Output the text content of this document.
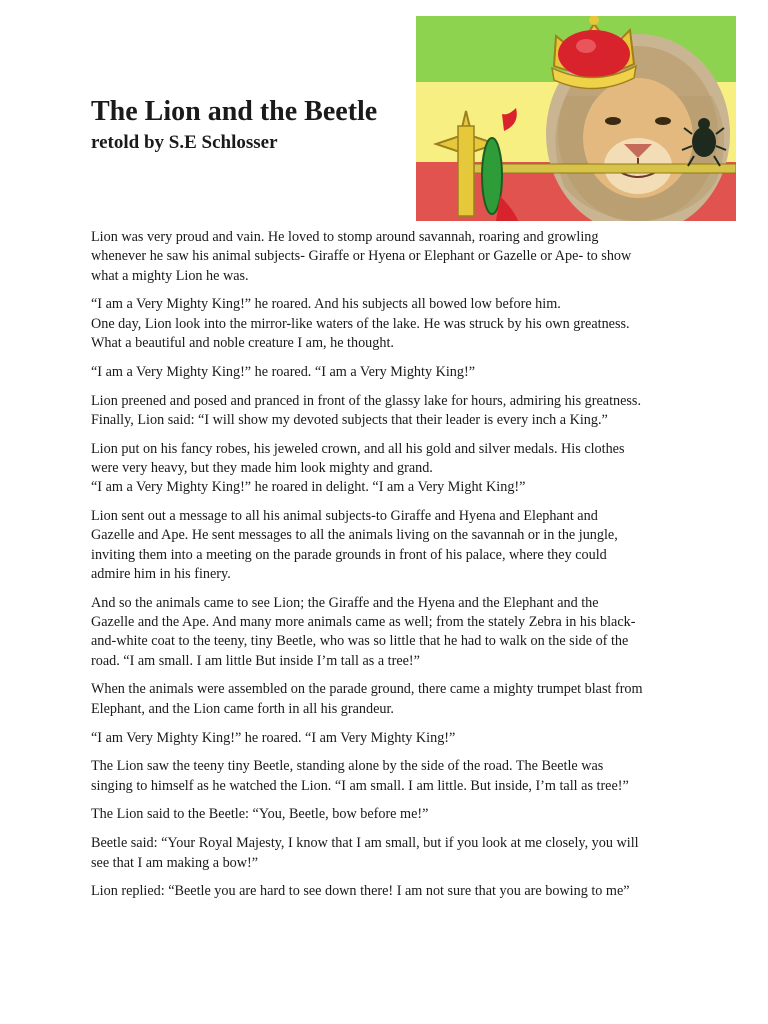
The Lion and the Beetle
retold by S.E Schlosser

Lion was very proud and vain. He loved to stomp around savannah, roaring and growling
whenever he saw his animal subjects- Giraffe or Hyena or Elephant or Gazelle or Ape- to show
what a mighty Lion he was.

“I am a Very Mighty King!” he roared. And his subjects all bowed low before him.
One day, Lion look into the mirror-like waters of the lake. He was struck by his own greatness.
What a beautiful and noble creature I am, he thought.

“I am a Very Mighty King!” he roared. “I am a Very Mighty King!”

Lion preened and posed and pranced in front of the glassy lake for hours, admiring his greatness.
Finally, Lion said: “I will show my devoted subjects that their leader is every inch a King.”

Lion put on his fancy robes, his jeweled crown, and all his gold and silver medals. His clothes
were very heavy, but they made him look mighty and grand.
“I am a Very Mighty King!” he roared in delight. “I am a Very Might King!”

Lion sent out a message to all his animal subjects-to Giraffe and Hyena and Elephant and
Gazelle and Ape. He sent messages to all the animals living on the savannah or in the jungle,
inviting them into a meeting on the parade grounds in front of his palace, where they could
admire him in his finery.

And so the animals came to see Lion; the Giraffe and the Hyena and the Elephant and the
Gazelle and the Ape. And many more animals came as well; from the stately Zebra in his black-
and-white coat to the teeny, tiny Beetle, who was so little that he had to walk on the side of the
road. “I am small. I am little But inside I’m tall as a tree!”

When the animals were assembled on the parade ground, there came a mighty trumpet blast from
Elephant, and the Lion came forth in all his grandeur.

“I am Very Mighty King!” he roared. “I am Very Mighty King!”

The Lion saw the teeny tiny Beetle, standing alone by the side of the road. The Beetle was
singing to himself as he watched the Lion. “I am small. I am little. But inside, I’m tall as tree!”

The Lion said to the Beetle: “You, Beetle, bow before me!”

Beetle said: “Your Royal Majesty, I know that I am small, but if you look at me closely, you will
see that I am making a bow!”

Lion replied: “Beetle you are hard to see down there! I am not sure that you are bowing to me”
